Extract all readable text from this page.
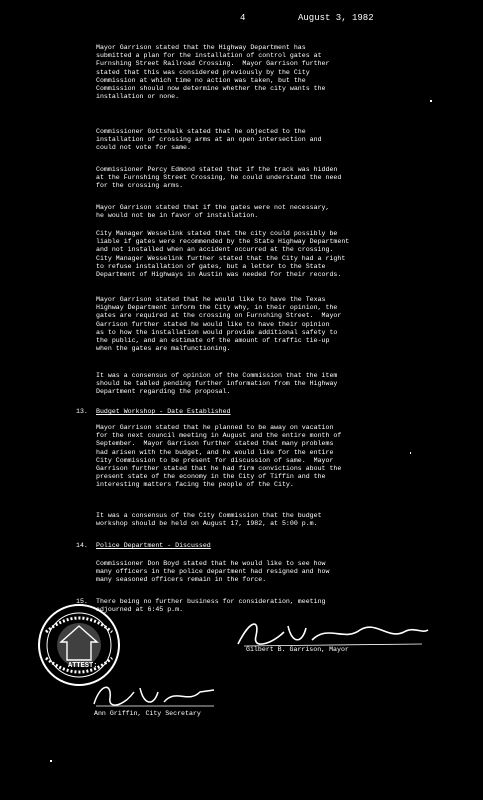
4	August 3, 1982

Mayor Garrison stated that the Highway Department has
submitted a plan for the installation of control gates at
Furnshing Street Railroad Crossing.  Mayor Garrison further
stated that this was considered previously by the City
Commission at which time no action was taken, but the
Commission should now determine whether the city wants the
installation or none.

Commissioner Gottshalk stated that he objected to the
installation of crossing arms at an open intersection and
could not vote for same.

Commissioner Percy Edmond stated that if the track was hidden
at the Furnshing Street Crossing, he could understand the need
for the crossing arms.

Mayor Garrison stated that if the gates were not necessary,
he would not be in favor of installation.

City Manager Wesselink stated that the city could possibly be
liable if gates were recommended by the State Highway Department
and not installed when an accident occurred at the crossing.
City Manager Wesselink further stated that the City had a right
to refuse installation of gates, but a letter to the State
Department of Highways in Austin was needed for their records.

Mayor Garrison stated that he would like to have the Texas
Highway Department inform the City why, in their opinion, the
gates are required at the crossing on Furnshing Street.  Mayor
Garrison further stated he would like to have their opinion
as to how the installation would provide additional safety to
the public, and an estimate of the amount of traffic tie-up
when the gates are malfunctioning.

It was a consensus of opinion of the Commission that the item
should be tabled pending further information from the Highway
Department regarding the proposal.

13. Budget Workshop - Date Established

Mayor Garrison stated that he planned to be away on vacation
for the next council meeting in August and the entire month of
September.  Mayor Garrison further stated that many problems
had arisen with the budget, and he would like for the entire
City Commission to be present for discussion of same.  Mayor
Garrison further stated that he had firm convictions about the
present state of the economy in the City of Tiffin and the
interesting matters facing the people of the City.

It was a consensus of the City Commission that the budget
workshop should be held on August 17, 1982, at 5:00 p.m.

14. Police Department - Discussed

Commissioner Don Boyd stated that he would like to see how
many officers in the police department had resigned and how
many seasoned officers remain in the force.

15. There being no further business for consideration, meeting
adjourned at 6:45 p.m.

ATTEST:
Gilbert B. Garrison, Mayor
Ann Griffin, City Secretary
